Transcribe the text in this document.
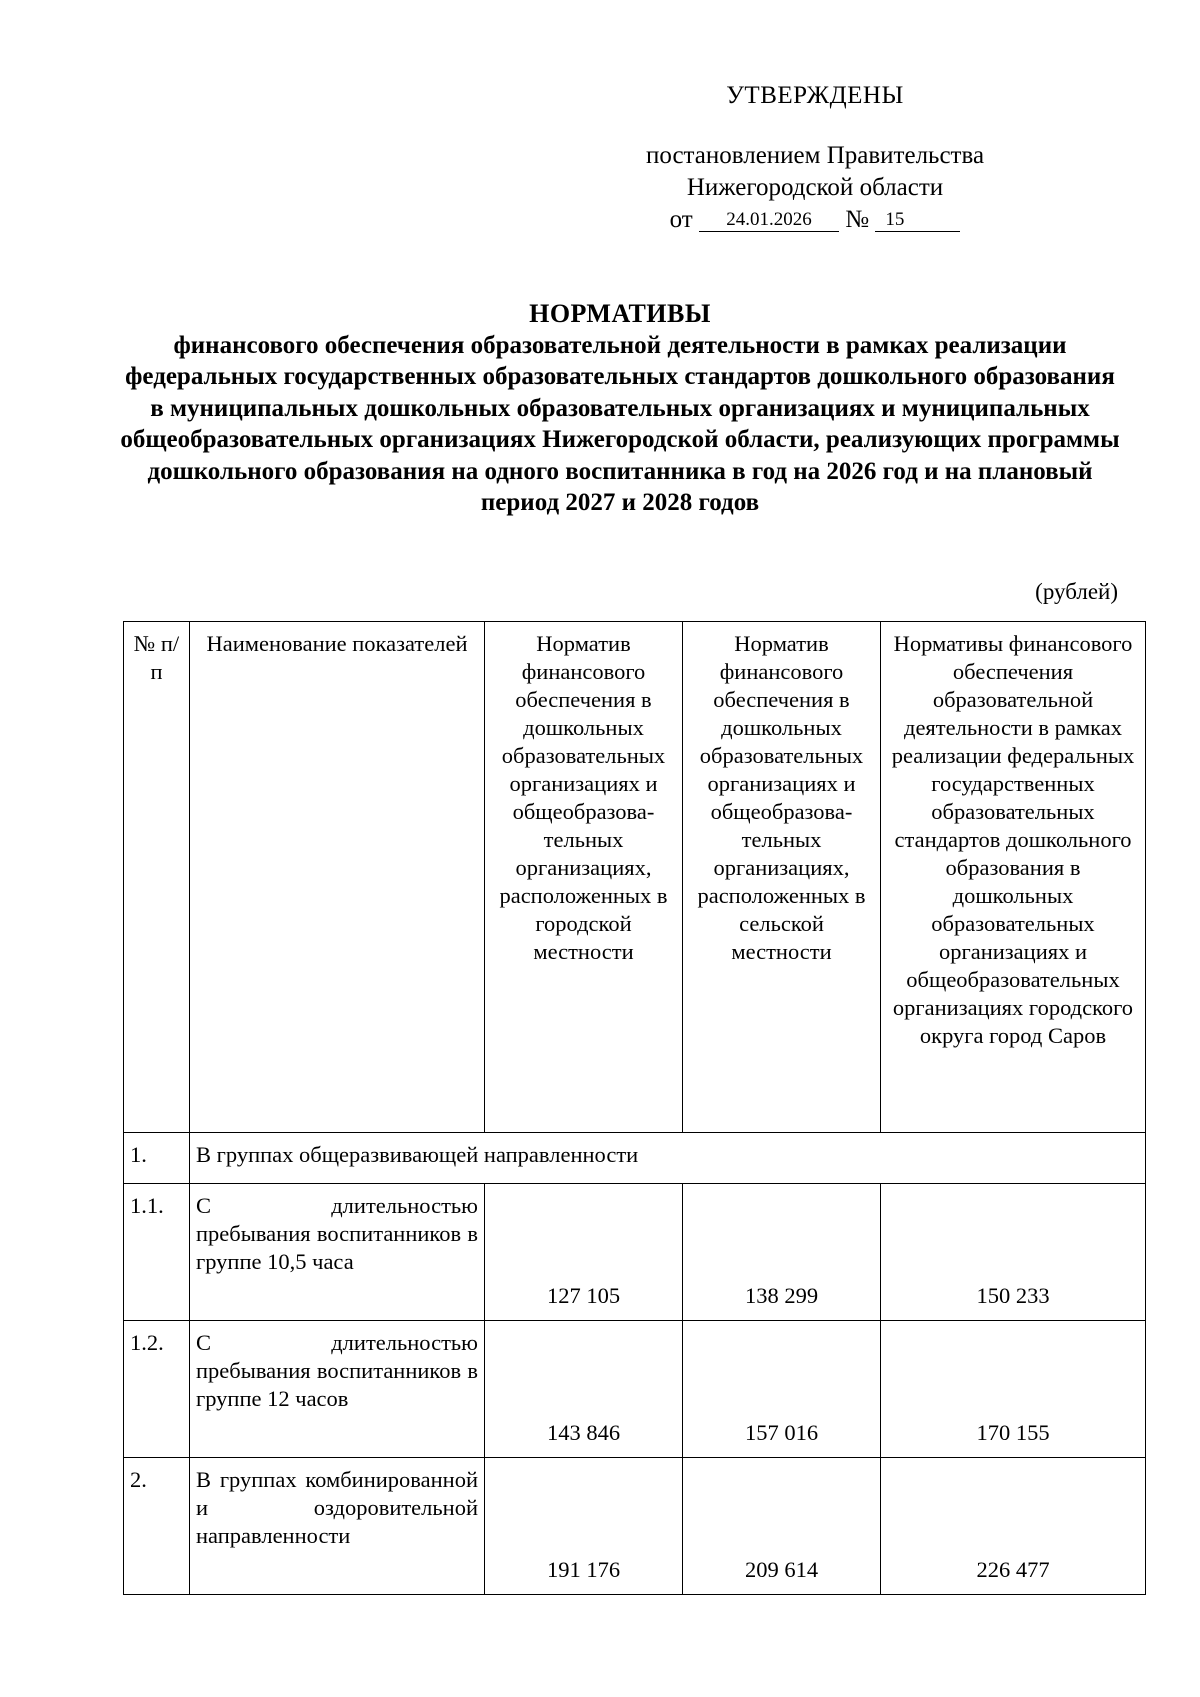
УТВЕРЖДЕНЫ
постановлением Правительства
Нижегородской области
от 24.01.2026 № 15
НОРМАТИВЫ
финансового обеспечения образовательной деятельности в рамках реализации федеральных государственных образовательных стандартов дошкольного образования в муниципальных дошкольных образовательных организациях и муниципальных общеобразовательных организациях Нижегородской области, реализующих программы дошкольного образования на одного воспитанника в год на 2026 год и на плановый период 2027 и 2028 годов
(рублей)
№ п/п	Наименование показателей	Норматив финансового обеспечения в дошкольных образовательных организациях и общеобразова-тельных организациях, расположенных в городской местности	Норматив финансового обеспечения в дошкольных образовательных организациях и общеобразова-тельных организациях, расположенных в сельской местности	Нормативы финансового обеспечения образовательной деятельности в рамках реализации федеральных государственных образовательных стандартов дошкольного образования в дошкольных образовательных организациях и общеобразовательных организациях городского округа город Саров
1.	В группах общеразвивающей направленности			
1.1.	С длительностью пребывания воспитанников в группе 10,5 часа	127 105	138 299	150 233
1.2.	С длительностью пребывания воспитанников в группе 12 часов	143 846	157 016	170 155
2.	В группах комбинированной и оздоровительной направленности	191 176	209 614	226 477
